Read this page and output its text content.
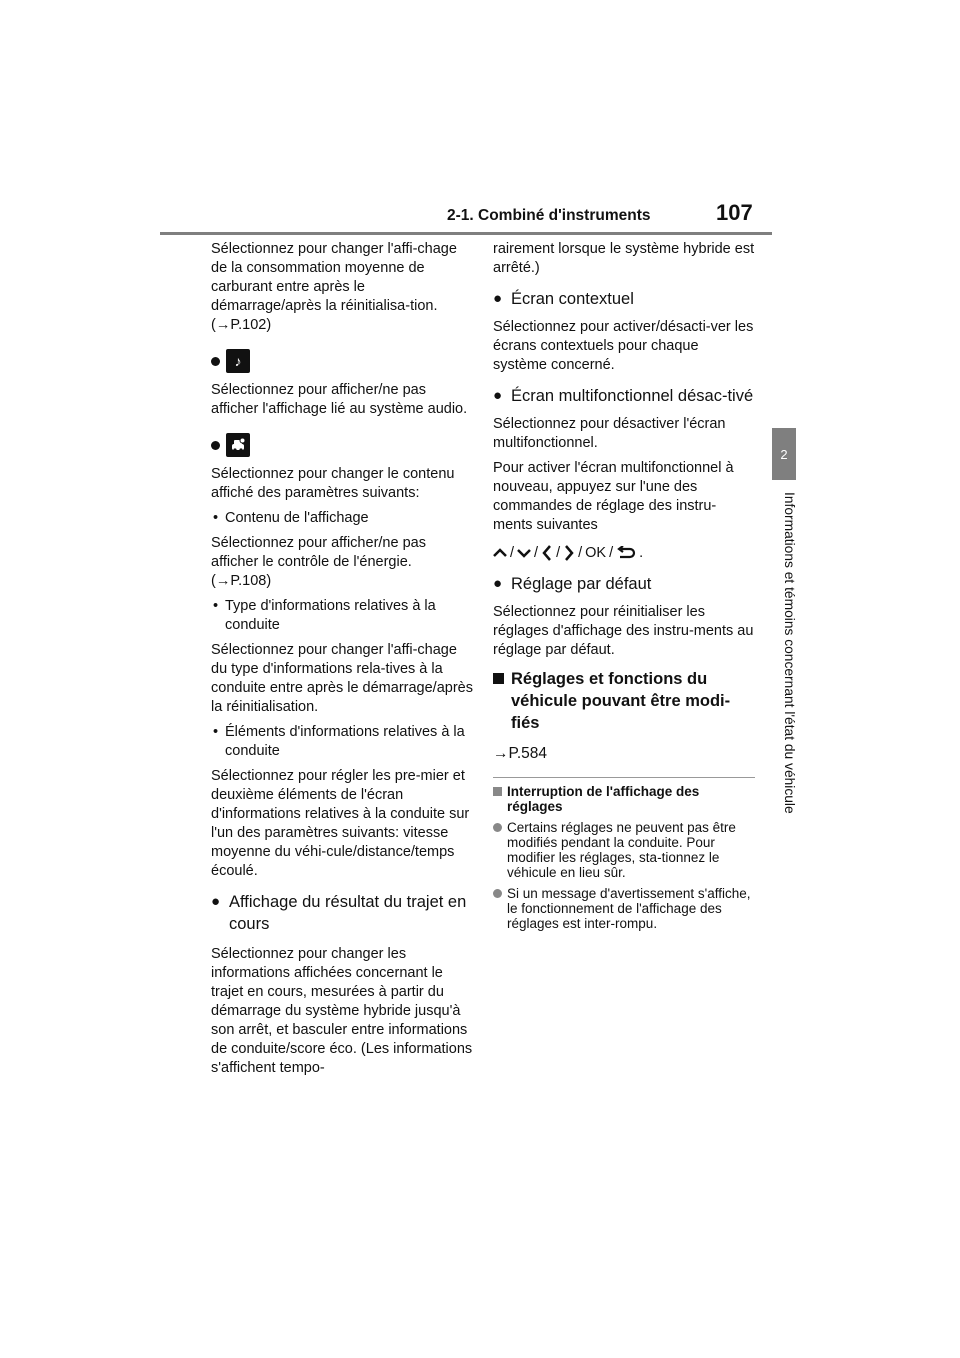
2-1. Combiné d'instruments	107
2
Informations et témoins concernant l'état du véhicule

Sélectionnez pour changer l'affi-chage de la consommation moyenne de carburant entre après le démarrage/après la réinitialisa-tion. (→P.102)

♪

Sélectionnez pour afficher/ne pas afficher l'affichage lié au système audio.

Sélectionnez pour changer le contenu affiché des paramètres suivants:

• Contenu de l'affichage

Sélectionnez pour afficher/ne pas afficher le contrôle de l'énergie. (→P.108)

• Type d'informations relatives à la conduite

Sélectionnez pour changer l'affi-chage du type d'informations rela-tives à la conduite entre après le démarrage/après la réinitialisation.

• Éléments d'informations relatives à la conduite

Sélectionnez pour régler les pre-mier et deuxième éléments de l'écran d'informations relatives à la conduite sur l'un des paramètres suivants: vitesse moyenne du véhi-cule/distance/temps écoulé.

● Affichage du résultat du trajet en cours

Sélectionnez pour changer les informations affichées concernant le trajet en cours, mesurées à partir du démarrage du système hybride jusqu'à son arrêt, et basculer entre informations de conduite/score éco. (Les informations s'affichent tempo-

rairement lorsque le système hybride est arrêté.)

● Écran contextuel

Sélectionnez pour activer/désacti-ver les écrans contextuels pour chaque système concerné.

● Écran multifonctionnel désac-tivé

Sélectionnez pour désactiver l'écran multifonctionnel.

Pour activer l'écran multifonctionnel à nouveau, appuyez sur l'une des commandes de réglage des instru-ments suivantes

/ / / / OK / .
● Réglage par défaut

Sélectionnez pour réinitialiser les réglages d'affichage des instru-ments au réglage par défaut.

Réglages et fonctions du véhicule pouvant être modi-fiés

→P.584

Interruption de l'affichage des réglages
Certains réglages ne peuvent pas être modifiés pendant la conduite. Pour modifier les réglages, sta-tionnez le véhicule en lieu sûr.
Si un message d'avertissement s'affiche, le fonctionnement de l'affichage des réglages est inter-rompu.
